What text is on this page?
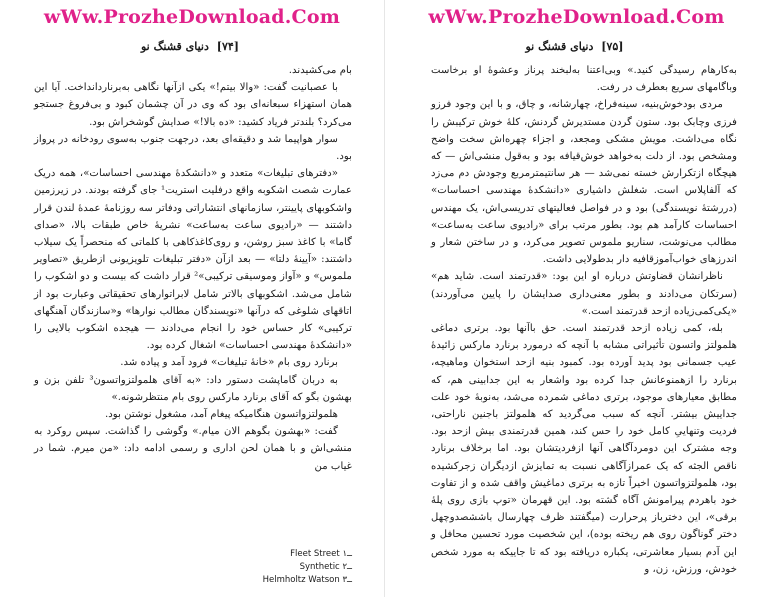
wWw.ProzheDownload.Com
[۷۴] دنیای قشنگ نو

بام می‌کشیدند.

با عصبانیت گفت: «والا بیتم!» یکی ازآنها نگاهی به‌برناردانداخت. آیا این همان استهزاء سبعانه‌ای بود که وی در آن چشمان کبود و بی‌فروغ جستجو می‌کرد؟ بلندتر فریاد کشید: «ده بالا!» صدایش گوشخراش بود.

سوار هواپیما شد و دقیقه‌ای بعد، درجهت جنوب به‌سوی رودخانه در پرواز بود.

«دفترهای تبلیغات» متعدد و «دانشکدهٔ مهندسی احساسات»، همه دریک عمارت شصت اشکوبه واقع درفلیت استریت¹ جای گرفته بودند. در زیرزمین واشکوبهای پایینتر، سازمانهای انتشاراتی ودفاتر سه روزنامهٔ عمدهٔ لندن قرار داشتند — «رادیوی ساعت به‌ساعت» نشریهٔ خاص طبقات بالا، «صدای گاما» با کاغذ سبز روشن، و روی‌کاغذکاهی با کلماتی که منحصراً یک سیلاب داشتند: «آیینهٔ دلتا» — بعد ازآن «دفتر تبلیغات تلویزیونی ازطریق «تصاویر ملموس» و «آواز وموسیقی ترکیبی»² قرار داشت که بیست و دو اشکوب را شامل می‌شد. اشکوبهای بالاتر شامل لابراتوارهای تحقیقاتی وعبارت بود از اتاقهای شلوغی که درآنها «نویسندگان مطالب نوارها» و«سازندگان آهنگهای ترکیبی» کار حساس خود را انجام می‌دادند — هیجده اشکوب بالایی را «دانشکدهٔ مهندسی احساسات» اشغال کرده بود.

برنارد روی بام «خانهٔ تبلیغات» فرود آمد و پیاده شد.

به دربان گاماپشت دستور داد: «به آقای هلمولتزواتسون³ تلفن بزن و بهشون بگو که آقای برنارد مارکس روی بام منتظرشونه.»

هلمولتزواتسون هنگامیکه پیغام آمد، مشغول نوشتن بود.

گفت: «بهشون بگوهم الان میام.» وگوشی را گذاشت. سپس روکرد به منشی‌اش و با همان لحن اداری و رسمی ادامه داد: «من میرم. شما در غیاب من

Fleet Street ۱ــ
Synthetic ۲ــ
Helmholtz Watson ۳ــ
wWw.ProzheDownload.Com
[۷۵] دنیای قشنگ نو

به‌کارهام رسیدگی کنید.» وبی‌اعتنا به‌لبخند پرناز وعشوهٔ او برخاست وباگامهای سریع بعطرف در رفت.

مردی بودخوش‌بنیه، سینه‌فراخ، چهارشانه، و چاق، و با این وجود فرزو فرزی وچابک بود. ستون گردن مستدیرش گردنش، کلهٔ خوش ترکیبش را نگاه می‌داشت. مویش مشکی ومجعد، و اجزاء چهره‌اش سخت واضح ومشخص بود. از دلت به‌خواهد خوش‌قیافه بود و به‌قول منشی‌اش — که هیچگاه ازتکرارش خسته نمی‌شد — هر سانتیمترمربع وجودش دم می‌زد که آلفاپلاس است. شغلش داشیاری «دانشکدهٔ مهندسی احساسات» (دررشتهٔ نویسندگی) بود و در فواصل فعالیتهای تدریسی‌اش، یک مهندس احساسات کارآمد هم بود. بطور مرتب برای «رادیوی ساعت به‌ساعت» مطالب می‌نوشت، سناریو ملموس تصویر می‌کرد، و در ساختن شعار و اندرزهای خواب‌آموزقافیه دار بدطولایی داشت.

ناظرانشان قضاوتش درباره او این بود: «قدرتمند است. شاید هم» (سرتکان می‌دادند و بطور معنی‌داری صدایشان را پایین می‌آوردند) «یکی‌کمی‌زیاده ازحد قدرتمند است.»

بله، کمی زیاده ازحد قدرتمند است. حق باآنها بود. برتری دماغی هلمولتز واتسون تأثیراتی مشابه با آنچه که درمورد برنارد مارکس زائیدهٔ عیب جسمانی بود پدید آورده بود. کمبود بنیه ازحد استخوان وماهیچه، برنارد را ازهمنوعانش جدا کرده بود واشعار به این جدابینی هم، که مطابق معیارهای موجود، برتری دماغی شمرده می‌شد، به‌نوبهٔ خود علت جداییش بیشتر. آنچه که سبب می‌گردید که هلمولتز باجنین ناراحتی، فردیت وتنهاییِ کامل خود را حس کند، همین قدرتمندی بیش ازحد بود. وجه مشترک این دومردآگاهی‌ آنها ازفردیتشان بود. اما برخلاف برنارد ناقص الجثه که یک عمرازآگاهی نسبت به تمایزش ازدیگران زجرکشیده بود، هلمولتزواتسون اخیراً تازه به برتری دماغیش واقف شده و از تفاوت خود باهردم پیرامونش آگاه گشته بود. این قهرمان «توپ بازی روی پلهٔ برقی»، این دخترباز پرحرارت (میگفتند ظرف چهارسال باششصدوچهل دختر گوناگون روی هم ریخته بوده)، این شخصیت مورد تحسین محافل و این آدم بسیار معاشرتی، یکباره دریافته بود که تا جاییکه به مورد شخص خودش، ورزش، زن، و
